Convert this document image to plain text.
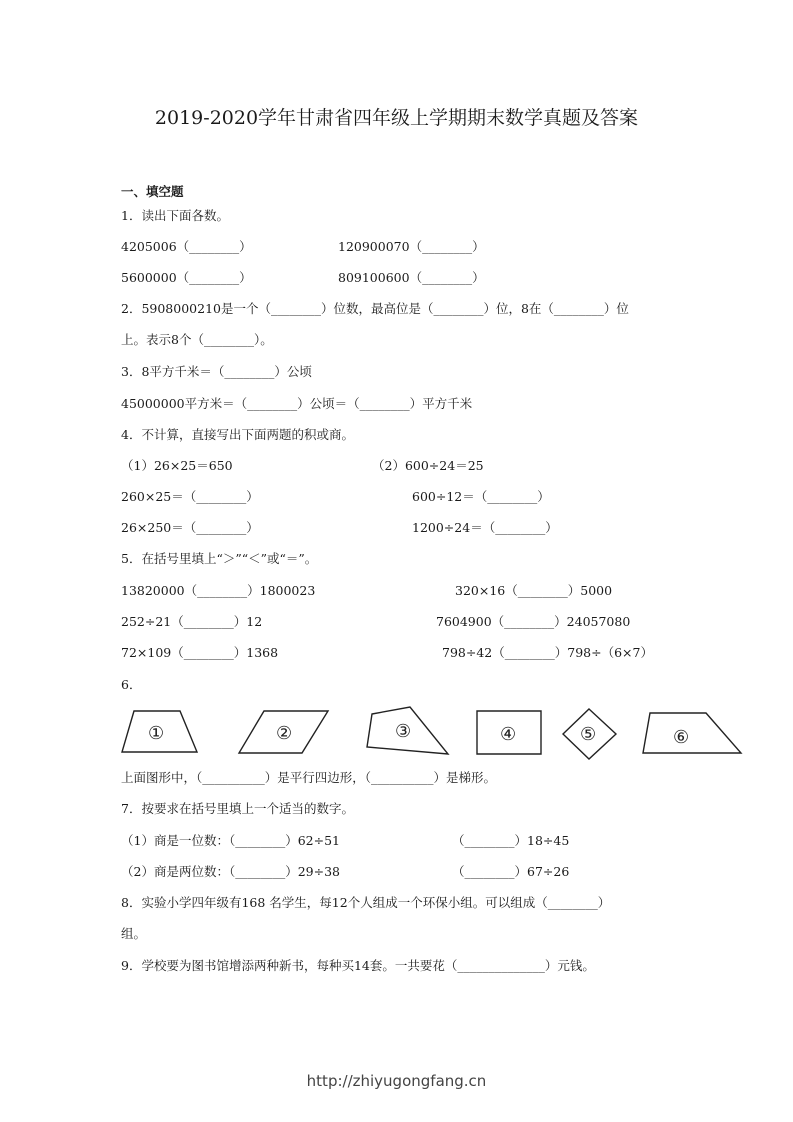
2019-2020学年甘肃省四年级上学期期末数学真题及答案
一、填空题
1．读出下面各数。
4205006（________）	120900070（________）
5600000（________）	809100600（________）
2．5908000210是一个（________）位数，最高位是（________）位，8在（________）位
上。表示8个（________）。
3．8平方千米＝（________）公顷
45000000平方米＝（________）公顷＝（________）平方千米
4．不计算，直接写出下面两题的积或商。
（1）26×25＝650	（2）600÷24＝25
260×25＝（________）	600÷12＝（________）
26×250＝（________）	1200÷24＝（________）
5．在括号里填上“＞”“＜”或“＝”。
13820000（________）1800023	320×16（________）5000
252÷21（________）12	7604900（________）24057080
72×109（________）1368	798÷42（________）798÷（6×7）
6．
①	②	③	④	⑤	⑥
上面图形中，（__________）是平行四边形，（__________）是梯形。
7．按要求在括号里填上一个适当的数字。
（1）商是一位数：（________）62÷51	（________）18÷45
（2）商是两位数：（________）29÷38	（________）67÷26
8．实验小学四年级有168 名学生，每12个人组成一个环保小组。可以组成（________）
组。
9．学校要为图书馆增添两种新书，每种买14套。一共要花（______________）元钱。
http://zhiyugongfang.cn
